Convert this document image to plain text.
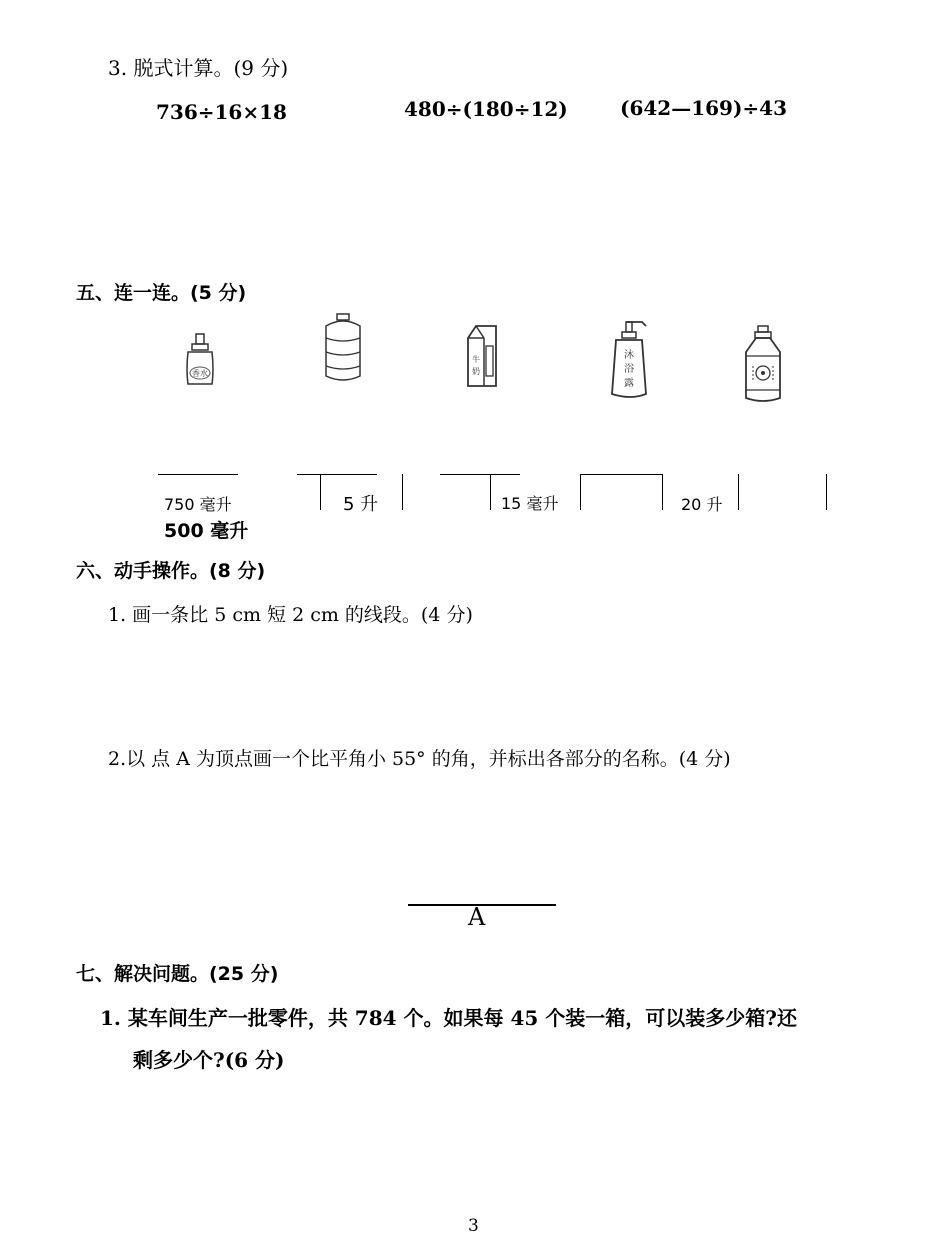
3. 脱式计算。(9 分)
736÷16×18	480÷(180÷12)	(642—169)÷43
五、连一连。(5 分)
香水
牛
奶
沐
浴
露
750 毫升	5 升	15 毫升	20 升
500 毫升
六、动手操作。(8 分)
1. 画一条比 5 cm 短 2 cm 的线段。(4 分)
2.以 点 A 为顶点画一个比平角小 55° 的角，并标出各部分的名称。(4 分)
A
七、解决问题。(25 分)
1. 某车间生产一批零件，共 784 个。如果每 45 个装一箱，可以装多少箱?还
剩多少个?(6 分)
3
